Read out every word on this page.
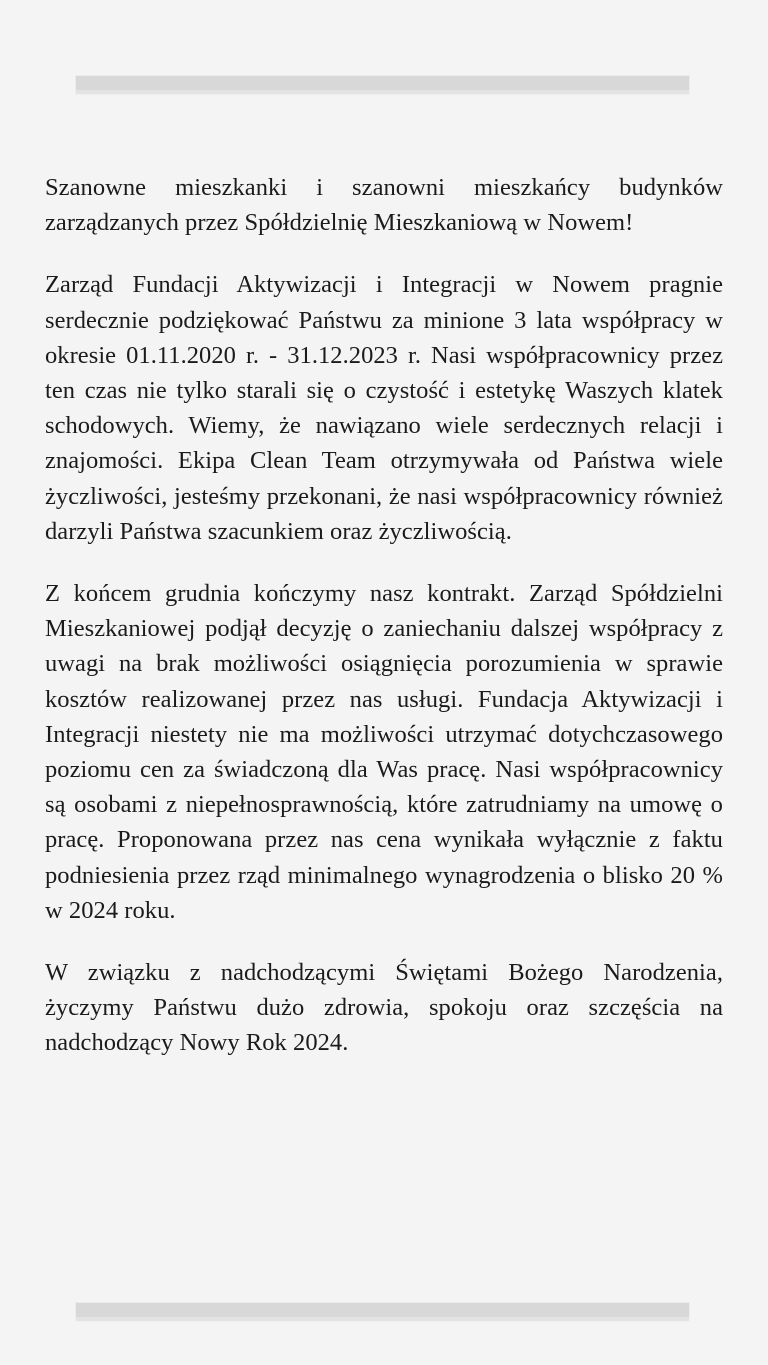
Szanowne mieszkanki i szanowni mieszkańcy budynków zarządzanych przez Spółdzielnię Mieszkaniową w Nowem!

Zarząd Fundacji Aktywizacji i Integracji w Nowem pragnie serdecznie podziękować Państwu za minione 3 lata współpracy w okresie 01.11.2020 r. - 31.12.2023 r. Nasi współpracownicy przez ten czas nie tylko starali się o czystość i estetykę Waszych klatek schodowych. Wiemy, że nawiązano wiele serdecznych relacji i znajomości. Ekipa Clean Team otrzymywała od Państwa wiele życzliwości, jesteśmy przekonani, że nasi współpracownicy również darzyli Państwa szacunkiem oraz życzliwością.

Z końcem grudnia kończymy nasz kontrakt. Zarząd Spółdzielni Mieszkaniowej podjął decyzję o zaniechaniu dalszej współpracy z uwagi na brak możliwości osiągnięcia porozumienia w sprawie kosztów realizowanej przez nas usługi. Fundacja Aktywizacji i Integracji niestety nie ma możliwości utrzymać dotychczasowego poziomu cen za świadczoną dla Was pracę. Nasi współpracownicy są osobami z niepełnosprawnością, które zatrudniamy na umowę o pracę. Proponowana przez nas cena wynikała wyłącznie z faktu podniesienia przez rząd minimalnego wynagrodzenia o blisko 20 % w 2024 roku.

W związku z nadchodzącymi Świętami Bożego Narodzenia, życzymy Państwu dużo zdrowia, spokoju oraz szczęścia na nadchodzący Nowy Rok 2024.
